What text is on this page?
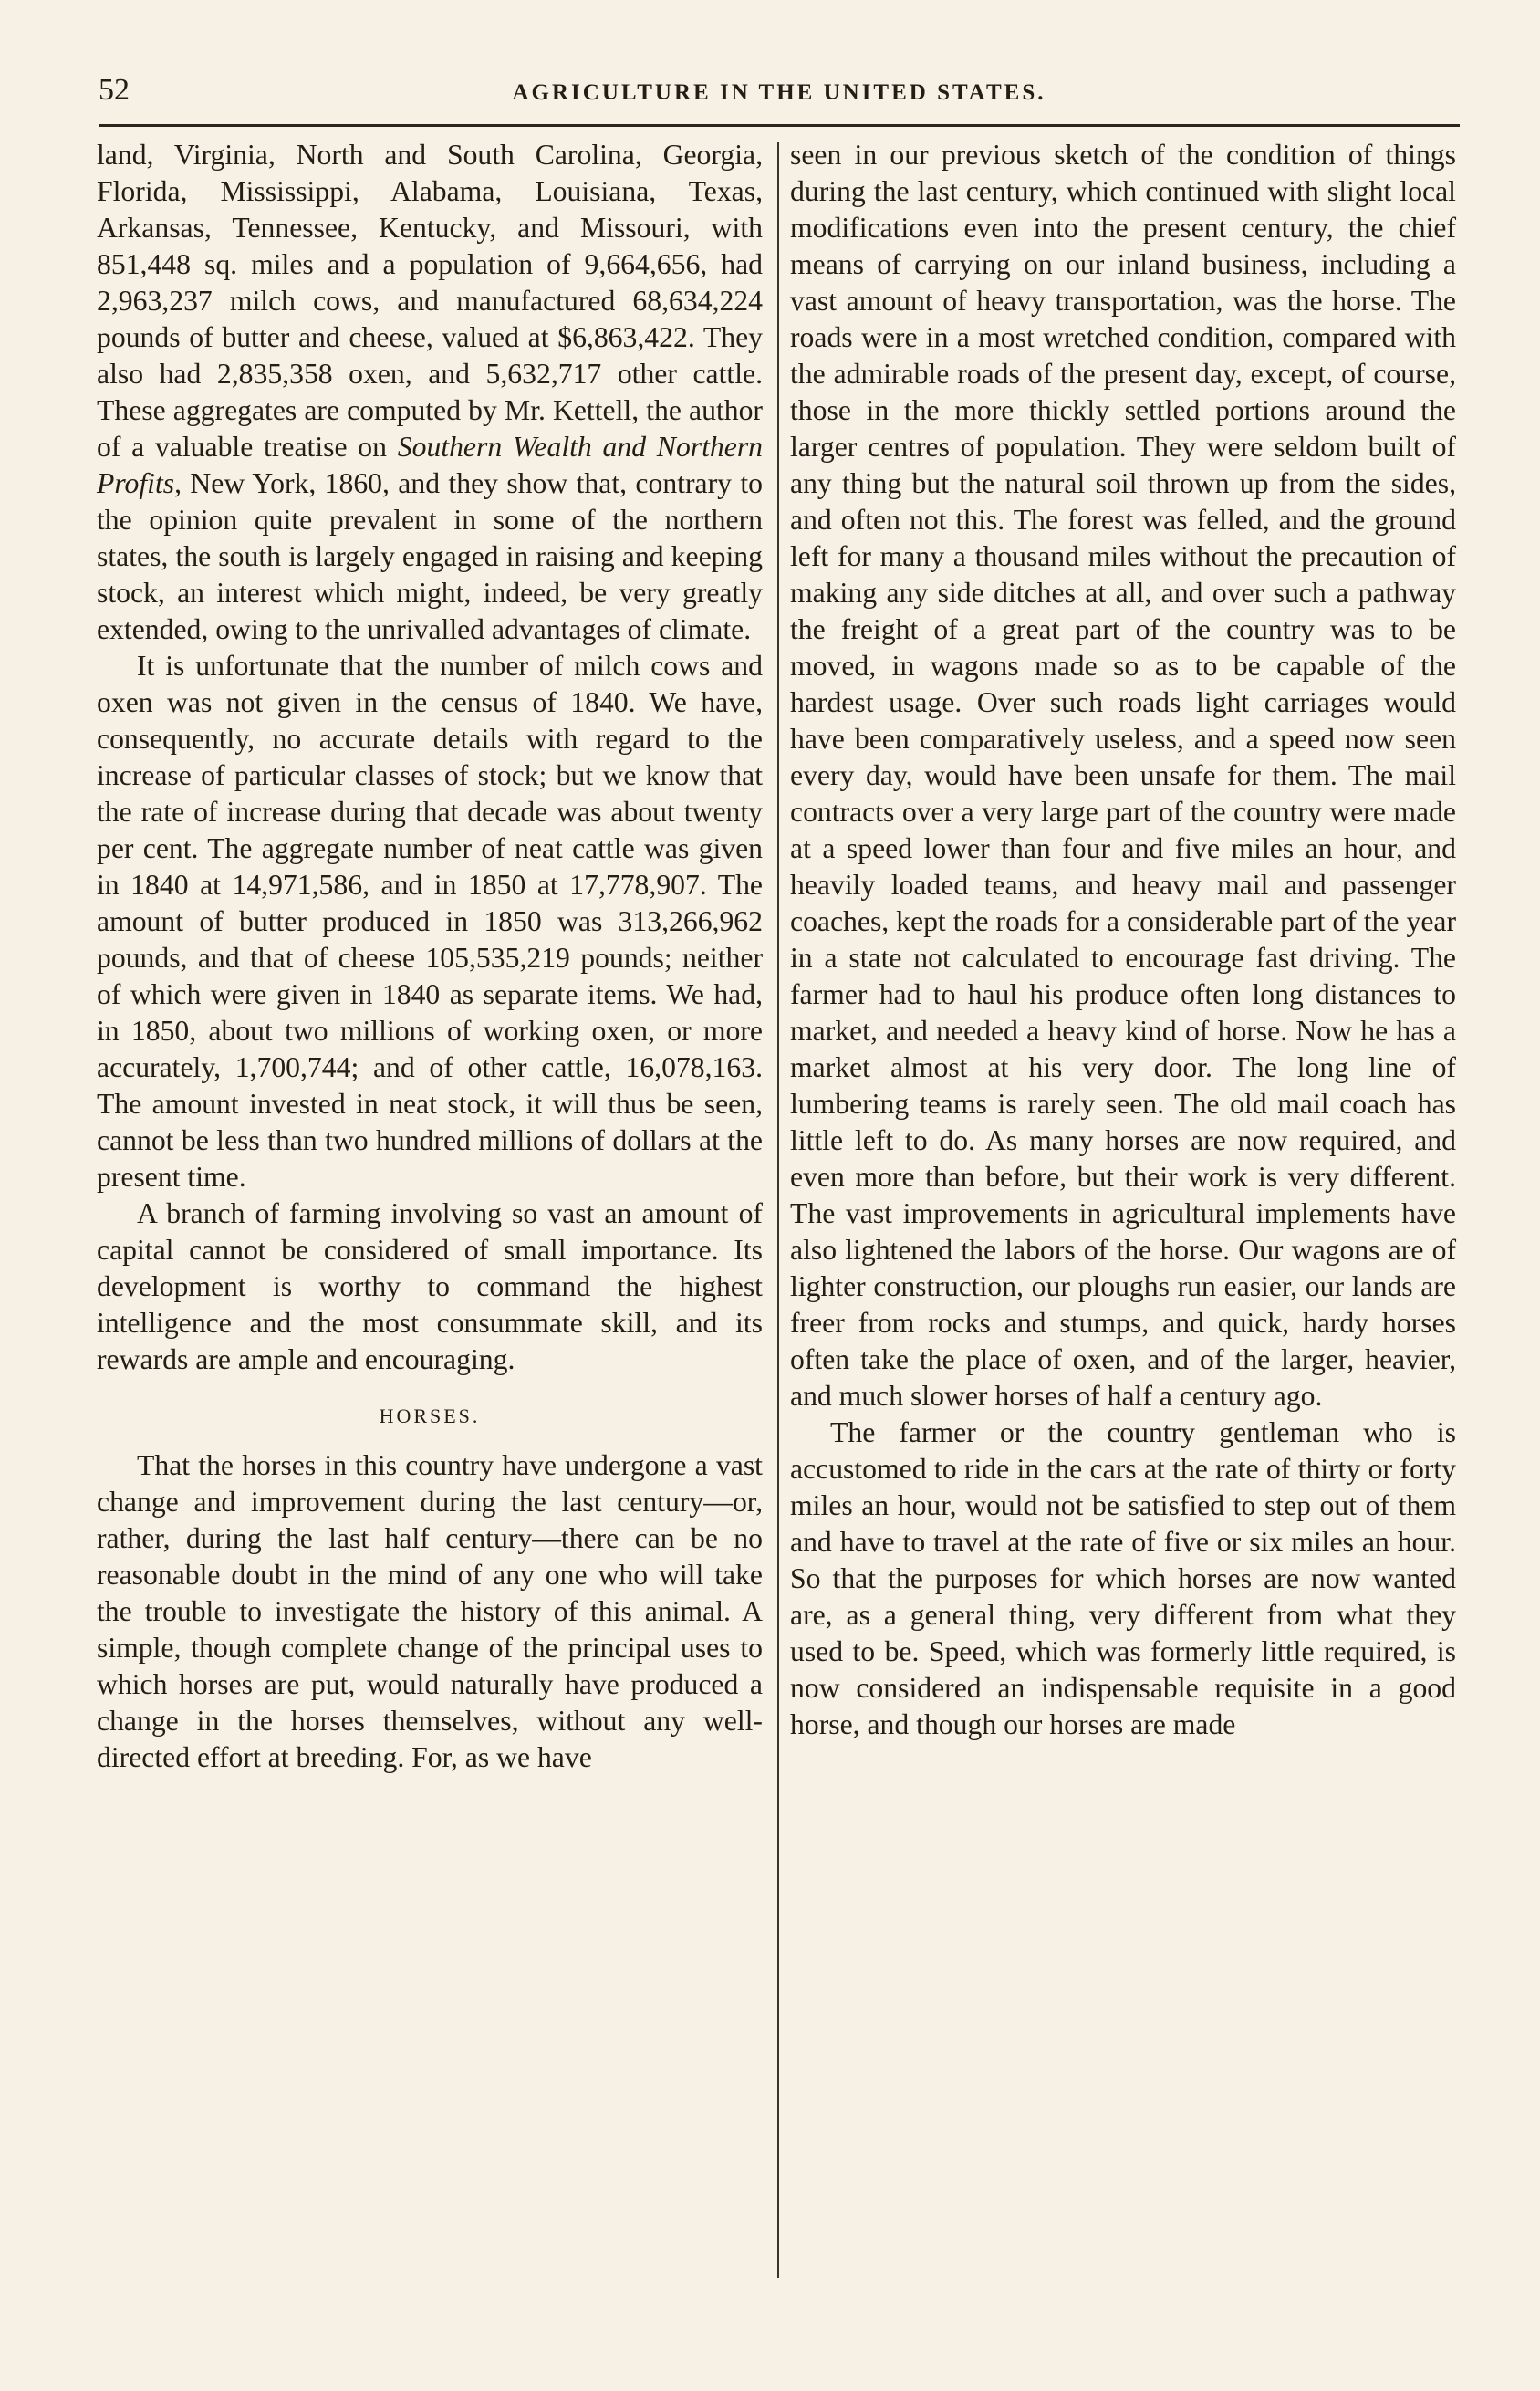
52	AGRICULTURE IN THE UNITED STATES.

land, Virginia, North and South Carolina, Georgia, Florida, Mississippi, Alabama, Louisiana, Texas, Arkansas, Tennessee, Kentucky, and Missouri, with 851,448 sq. miles and a population of 9,664,656, had 2,963,237 milch cows, and manufactured 68,634,224 pounds of butter and cheese, valued at $6,863,422. They also had 2,835,358 oxen, and 5,632,717 other cattle. These aggregates are computed by Mr. Kettell, the author of a valuable treatise on Southern Wealth and Northern Profits, New York, 1860, and they show that, contrary to the opinion quite prevalent in some of the northern states, the south is largely engaged in raising and keeping stock, an interest which might, indeed, be very greatly extended, owing to the unrivalled advantages of climate.

It is unfortunate that the number of milch cows and oxen was not given in the census of 1840. We have, consequently, no accurate details with regard to the increase of particular classes of stock; but we know that the rate of increase during that decade was about twenty per cent. The aggregate number of neat cattle was given in 1840 at 14,971,586, and in 1850 at 17,778,907. The amount of butter produced in 1850 was 313,266,962 pounds, and that of cheese 105,535,219 pounds; neither of which were given in 1840 as separate items. We had, in 1850, about two millions of working oxen, or more accurately, 1,700,744; and of other cattle, 16,078,163. The amount invested in neat stock, it will thus be seen, cannot be less than two hundred millions of dollars at the present time.

A branch of farming involving so vast an amount of capital cannot be considered of small importance. Its development is worthy to command the highest intelligence and the most consummate skill, and its rewards are ample and encouraging.

HORSES.

That the horses in this country have undergone a vast change and improvement during the last century—or, rather, during the last half century—there can be no reasonable doubt in the mind of any one who will take the trouble to investigate the history of this animal. A simple, though complete change of the principal uses to which horses are put, would naturally have produced a change in the horses themselves, without any well-directed effort at breeding. For, as we have

seen in our previous sketch of the condition of things during the last century, which continued with slight local modifications even into the present century, the chief means of carrying on our inland business, including a vast amount of heavy transportation, was the horse. The roads were in a most wretched condition, compared with the admirable roads of the present day, except, of course, those in the more thickly settled portions around the larger centres of population. They were seldom built of any thing but the natural soil thrown up from the sides, and often not this. The forest was felled, and the ground left for many a thousand miles without the precaution of making any side ditches at all, and over such a pathway the freight of a great part of the country was to be moved, in wagons made so as to be capable of the hardest usage. Over such roads light carriages would have been comparatively useless, and a speed now seen every day, would have been unsafe for them. The mail contracts over a very large part of the country were made at a speed lower than four and five miles an hour, and heavily loaded teams, and heavy mail and passenger coaches, kept the roads for a considerable part of the year in a state not calculated to encourage fast driving. The farmer had to haul his produce often long distances to market, and needed a heavy kind of horse. Now he has a market almost at his very door. The long line of lumbering teams is rarely seen. The old mail coach has little left to do. As many horses are now required, and even more than before, but their work is very different. The vast improvements in agricultural implements have also lightened the labors of the horse. Our wagons are of lighter construction, our ploughs run easier, our lands are freer from rocks and stumps, and quick, hardy horses often take the place of oxen, and of the larger, heavier, and much slower horses of half a century ago.

The farmer or the country gentleman who is accustomed to ride in the cars at the rate of thirty or forty miles an hour, would not be satisfied to step out of them and have to travel at the rate of five or six miles an hour. So that the purposes for which horses are now wanted are, as a general thing, very different from what they used to be. Speed, which was formerly little required, is now considered an indispensable requisite in a good horse, and though our horses are made
